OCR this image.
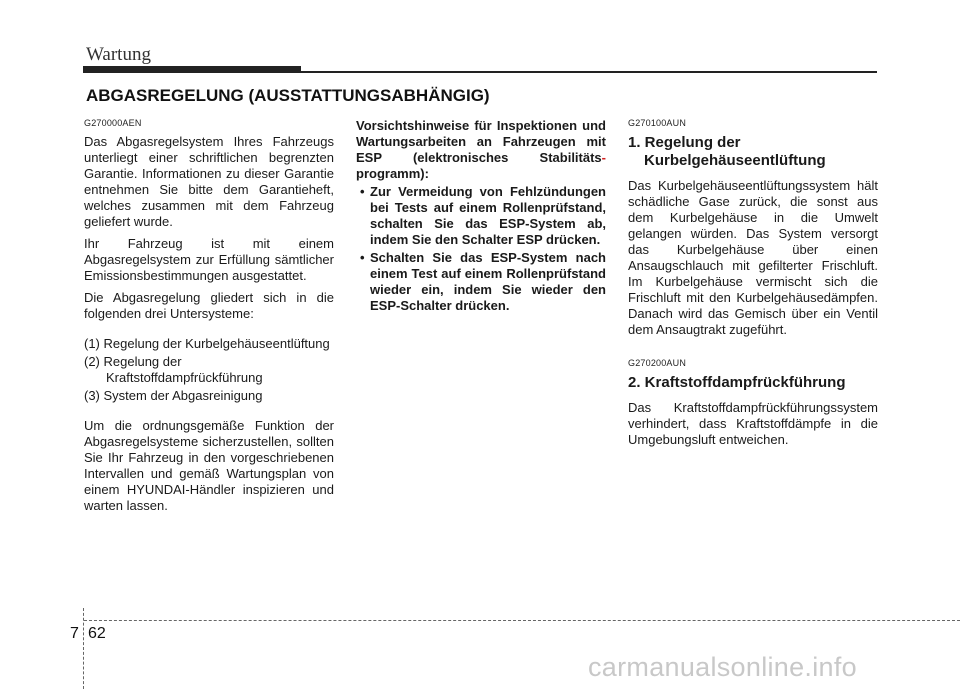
Wartung
ABGASREGELUNG (AUSSTATTUNGSABHÄNGIG)
G270000AEN

Das Abgasregelsystem Ihres Fahrzeugs unterliegt einer schriftlichen begrenzten Garantie. Informationen zu dieser Garantie entnehmen Sie bitte dem Garantieheft, welches zusammen mit dem Fahrzeug geliefert wurde.

Ihr Fahrzeug ist mit einem Abgasregelsystem zur Erfüllung sämtlicher Emissionsbestimmungen ausgestattet.

Die Abgasregelung gliedert sich in die folgenden drei Untersysteme:

(1) Regelung der Kurbelgehäuseentlüftung
(2) Regelung der Kraftstoffdampfrückführung
(3) System der Abgasreinigung

Um die ordnungsgemäße Funktion der Abgasregelsysteme sicherzustellen, sollten Sie Ihr Fahrzeug in den vorgeschriebenen Intervallen und gemäß Wartungsplan von einem HYUNDAI-Händler inspizieren und warten lassen.

Vorsichtshinweise für Inspektionen und Wartungsarbeiten an Fahrzeugen mit ESP (elektronisches Stabilitäts-programm):
• Zur Vermeidung von Fehlzündungen bei Tests auf einem Rollenprüfstand, schalten Sie das ESP-System ab, indem Sie den Schalter ESP drücken.
• Schalten Sie das ESP-System nach einem Test auf einem Rollenprüfstand wieder ein, indem Sie wieder den ESP-Schalter drücken.
G270100AUN
1. Regelung der
Kurbelgehäuseentlüftung

Das Kurbelgehäuseentlüftungssystem hält schädliche Gase zurück, die sonst aus dem Kurbelgehäuse in die Umwelt gelangen würden. Das System versorgt das Kurbelgehäuse über einen Ansaugschlauch mit gefilterter Frischluft. Im Kurbelgehäuse vermischt sich die Frischluft mit den Kurbelgehäusedämpfen. Danach wird das Gemisch über ein Ventil dem Ansaugtrakt zugeführt.

G270200AUN
2. Kraftstoffdampfrückführung

Das Kraftstoffdampfrückführungssystem verhindert, dass Kraftstoffdämpfe in die Umgebungsluft entweichen.

7 62
carmanualsonline.info
